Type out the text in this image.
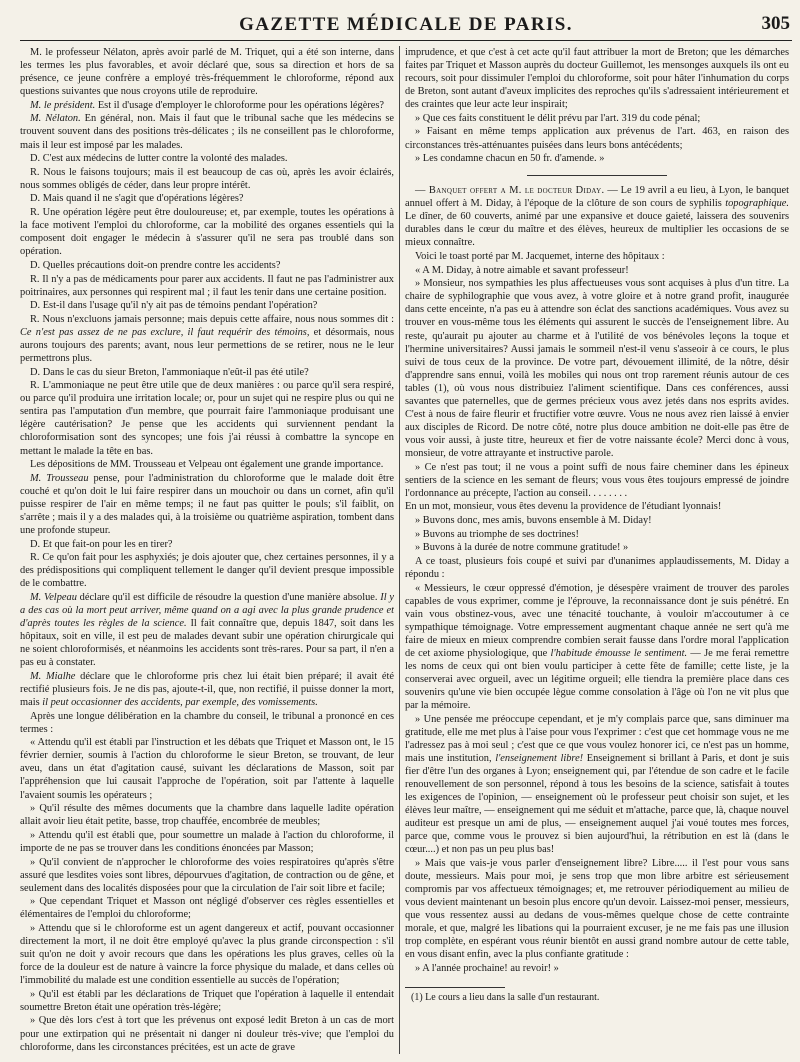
GAZETTE MÉDICALE DE PARIS.	305

M. le professeur Nélaton, après avoir parlé de M. Triquet, qui a été son interne, dans les termes les plus favorables, et avoir déclaré que, sous sa direction et hors de sa présence, ce jeune confrère a employé très-fréquemment le chloroforme, répond aux questions suivantes que nous croyons utile de reproduire.

M. le président. Est il d'usage d'employer le chloroforme pour les opérations légères?

M. Nélaton. En général, non. Mais il faut que le tribunal sache que les médecins se trouvent souvent dans des positions très-délicates ; ils ne conseillent pas le chloroforme, mais il leur est imposé par les malades.

D. C'est aux médecins de lutter contre la volonté des malades.

R. Nous le faisons toujours; mais il est beaucoup de cas où, après les avoir éclairés, nous sommes obligés de céder, dans leur propre intérêt.

D. Mais quand il ne s'agit que d'opérations légères?

R. Une opération légère peut être douloureuse; et, par exemple, toutes les opérations à la face motivent l'emploi du chloroforme, car la mobilité des organes essentiels qui la composent doit engager le médecin à s'assurer qu'il ne sera pas troublé dans son opération.

D. Quelles précautions doit-on prendre contre les accidents?

R. Il n'y a pas de médicaments pour parer aux accidents. Il faut ne pas l'administrer aux poitrinaires, aux personnes qui respirent mal ; il faut les tenir dans une certaine position.

D. Est-il dans l'usage qu'il n'y ait pas de témoins pendant l'opération?

R. Nous n'excluons jamais personne; mais depuis cette affaire, nous nous sommes dit : Ce n'est pas assez de ne pas exclure, il faut requérir des témoins, et désormais, nous aurons toujours des parents; avant, nous leur permettions de se retirer, nous ne le leur permettrons plus.

D. Dans le cas du sieur Breton, l'ammoniaque n'eût-il pas été utile?

R. L'ammoniaque ne peut être utile que de deux manières : ou parce qu'il sera respiré, ou parce qu'il produira une irritation locale; or, pour un sujet qui ne respire plus ou qui ne sentira pas l'amputation d'un membre, que pourrait faire l'ammoniaque produisant une légère cautérisation? Je pense que les accidents qui surviennent pendant la chloroformisation sont des syncopes; une fois j'ai réussi à combattre la syncope en mettant le malade la tête en bas.

Les dépositions de MM. Trousseau et Velpeau ont également une grande importance.

M. Trousseau pense, pour l'administration du chloroforme que le malade doit être couché et qu'on doit le lui faire respirer dans un mouchoir ou dans un cornet, afin qu'il puisse respirer de l'air en même temps; il ne faut pas quitter le pouls; s'il faiblit, on s'arrête ; mais il y a des malades qui, à la troisième ou quatrième aspiration, tombent dans une profonde stupeur.

D. Et que fait-on pour les en tirer?

R. Ce qu'on fait pour les asphyxiés; je dois ajouter que, chez certaines personnes, il y a des prédispositions qui compliquent tellement le danger qu'il devient presque impossible de le combattre.

M. Velpeau déclare qu'il est difficile de résoudre la question d'une manière absolue. Il y a des cas où la mort peut arriver, même quand on a agi avec la plus grande prudence et d'après toutes les règles de la science. Il fait connaître que, depuis 1847, soit dans les hôpitaux, soit en ville, il est peu de malades devant subir une opération chirurgicale qui ne soient chloroformisés, et néanmoins les accidents sont très-rares. Pour sa part, il n'en a pas eu à constater.

M. Mialhe déclare que le chloroforme pris chez lui était bien préparé; il avait été rectifié plusieurs fois. Je ne dis pas, ajoute-t-il, que, non rectifié, il puisse donner la mort, mais il peut occasionner des accidents, par exemple, des vomissements.

Après une longue délibération en la chambre du conseil, le tribunal a prononcé en ces termes :

« Attendu qu'il est établi par l'instruction et les débats que Triquet et Masson ont, le 15 février dernier, soumis à l'action du chloroforme le sieur Breton, se trouvant, de leur aveu, dans un état d'agitation causé, suivant les déclarations de Masson, soit par l'appréhension que lui causait l'approche de l'opération, soit par l'attente à laquelle l'avaient soumis les opérateurs ;

» Qu'il résulte des mêmes documents que la chambre dans laquelle ladite opération allait avoir lieu était petite, basse, trop chauffée, encombrée de meubles;

» Attendu qu'il est établi que, pour soumettre un malade à l'action du chloroforme, il importe de ne pas se trouver dans les conditions énoncées par Masson;

» Qu'il convient de n'approcher le chloroforme des voies respiratoires qu'après s'être assuré que lesdites voies sont libres, dépourvues d'agitation, de contraction ou de gêne, et seulement dans des localités disposées pour que la circulation de l'air soit libre et facile;

» Que cependant Triquet et Masson ont négligé d'observer ces règles essentielles et élémentaires de l'emploi du chloroforme;

» Attendu que si le chloroforme est un agent dangereux et actif, pouvant occasionner directement la mort, il ne doit être employé qu'avec la plus grande circonspection : s'il suit qu'on ne doit y avoir recours que dans les opérations les plus graves, celles où la force de la douleur est de nature à vaincre la force physique du malade, et dans celles où l'immobilité du malade est une condition essentielle au succès de l'opération;

» Qu'il est établi par les déclarations de Triquet que l'opération à laquelle il entendait soumettre Breton était une opération très-légère;

» Que dès lors c'est à tort que les prévenus ont exposé ledit Breton à un cas de mort pour une extirpation qui ne présentait ni danger ni douleur très-vive; que l'emploi du chloroforme, dans les circonstances précitées, est un acte de grave

imprudence, et que c'est à cet acte qu'il faut attribuer la mort de Breton; que les démarches faites par Triquet et Masson auprès du docteur Guillemot, les mensonges auxquels ils ont eu recours, soit pour dissimuler l'emploi du chloroforme, soit pour hâter l'inhumation du corps de Breton, sont autant d'aveux implicites des reproches qu'ils s'adressaient intérieurement et des craintes que leur acte leur inspirait;

» Que ces faits constituent le délit prévu par l'art. 319 du code pénal;

» Faisant en même temps application aux prévenus de l'art. 463, en raison des circonstances très-atténuantes puisées dans leurs bons antécédents;

» Les condamne chacun en 50 fr. d'amende. »

— Banquet offert a M. le docteur Diday. — Le 19 avril a eu lieu, à Lyon, le banquet annuel offert à M. Diday, à l'époque de la clôture de son cours de syphilis topographique. Le dîner, de 60 couverts, animé par une expansive et douce gaieté, laissera des souvenirs durables dans le cœur du maître et des élèves, heureux de multiplier les occasions de se mieux connaître.

Voici le toast porté par M. Jacquemet, interne des hôpitaux :

« A M. Diday, à notre aimable et savant professeur!

» Monsieur, nos sympathies les plus affectueuses vous sont acquises à plus d'un titre. La chaire de syphilographie que vous avez, à votre gloire et à notre grand profit, inaugurée dans cette enceinte, n'a pas eu à attendre son éclat des sanctions académiques. Vous avez su trouver en vous-même tous les éléments qui assurent le succès de l'enseignement libre. Au reste, qu'aurait pu ajouter au charme et à l'utilité de vos bénévoles leçons la toque et l'hermine universitaires? Aussi jamais le sommeil n'est-il venu s'asseoir à ce cours, le plus suivi de tous ceux de la province. De votre part, dévouement illimité, de la nôtre, désir d'apprendre sans ennui, voilà les mobiles qui nous ont trop rarement réunis autour de ces tables (1), où vous nous distribuiez l'aliment scientifique. Dans ces conférences, aussi savantes que paternelles, que de germes précieux vous avez jetés dans nos esprits avides. C'est à nous de faire fleurir et fructifier votre œuvre. Vous ne nous avez rien laissé à envier aux disciples de Ricord. De notre côté, notre plus douce ambition ne doit-elle pas être de vous voir aussi, à juste titre, heureux et fier de votre naissante école? Merci donc à vous, monsieur, de votre attrayante et instructive parole.

» Ce n'est pas tout; il ne vous a point suffi de nous faire cheminer dans les épineux sentiers de la science en les semant de fleurs; vous vous êtes toujours empressé de joindre l'ordonnance au précepte, l'action au conseil. . . . . . . .

En un mot, monsieur, vous êtes devenu la providence de l'étudiant lyonnais!

» Buvons donc, mes amis, buvons ensemble à M. Diday!

» Buvons au triomphe de ses doctrines!

» Buvons à la durée de notre commune gratitude! »

A ce toast, plusieurs fois coupé et suivi par d'unanimes applaudissements, M. Diday a répondu :

« Messieurs, le cœur oppressé d'émotion, je désespère vraiment de trouver des paroles capables de vous exprimer, comme je l'éprouve, la reconnaissance dont je suis pénétré. En vain vous obstinez-vous, avec une ténacité touchante, à vouloir m'accoutumer à ce sympathique témoignage. Votre empressement augmentant chaque année ne sert qu'à me faire de mieux en mieux comprendre combien serait fausse dans l'ordre moral l'application de cet axiome physiologique, que l'habitude émousse le sentiment. — Je me ferai remettre les noms de ceux qui ont bien voulu participer à cette fête de famille; cette liste, je la conserverai avec orgueil, avec un légitime orgueil; elle tiendra la première place dans ces souvenirs qu'une vie bien occupée lègue comme consolation à l'âge où l'on ne vit plus que par la mémoire.

» Une pensée me préoccupe cependant, et je m'y complais parce que, sans diminuer ma gratitude, elle me met plus à l'aise pour vous l'exprimer : c'est que cet hommage vous ne me l'adressez pas à moi seul ; c'est que ce que vous voulez honorer ici, ce n'est pas un homme, mais une institution, l'enseignement libre! Enseignement si brillant à Paris, et dont je suis fier d'être l'un des organes à Lyon; enseignement qui, par l'étendue de son cadre et le facile renouvellement de son personnel, répond à tous les besoins de la science, satisfait à toutes les exigences de l'opinion, — enseignement où le professeur peut choisir son sujet, et les élèves leur maître, — enseignement qui me séduit et m'attache, parce que, là, chaque nouvel auditeur est presque un ami de plus, — enseignement auquel j'ai voué toutes mes forces, parce que, comme vous le prouvez si bien aujourd'hui, la rétribution en est là (dans le cœur....) et non pas un peu plus bas!

» Mais que vais-je vous parler d'enseignement libre? Libre..... il l'est pour vous sans doute, messieurs. Mais pour moi, je sens trop que mon libre arbitre est sérieusement compromis par vos affectueux témoignages; et, me retrouver périodiquement au milieu de vous devient maintenant un besoin plus encore qu'un devoir. Laissez-moi penser, messieurs, que vous ressentez aussi au dedans de vous-mêmes quelque chose de cette contrainte morale, et que, malgré les libations qui la pourraient excuser, je ne me fais pas une illusion trop complète, en espérant vous réunir bientôt en aussi grand nombre autour de cette table, en vous disant enfin, avec la plus confiante gratitude :

» A l'année prochaine! au revoir! »

(1) Le cours a lieu dans la salle d'un restaurant.
